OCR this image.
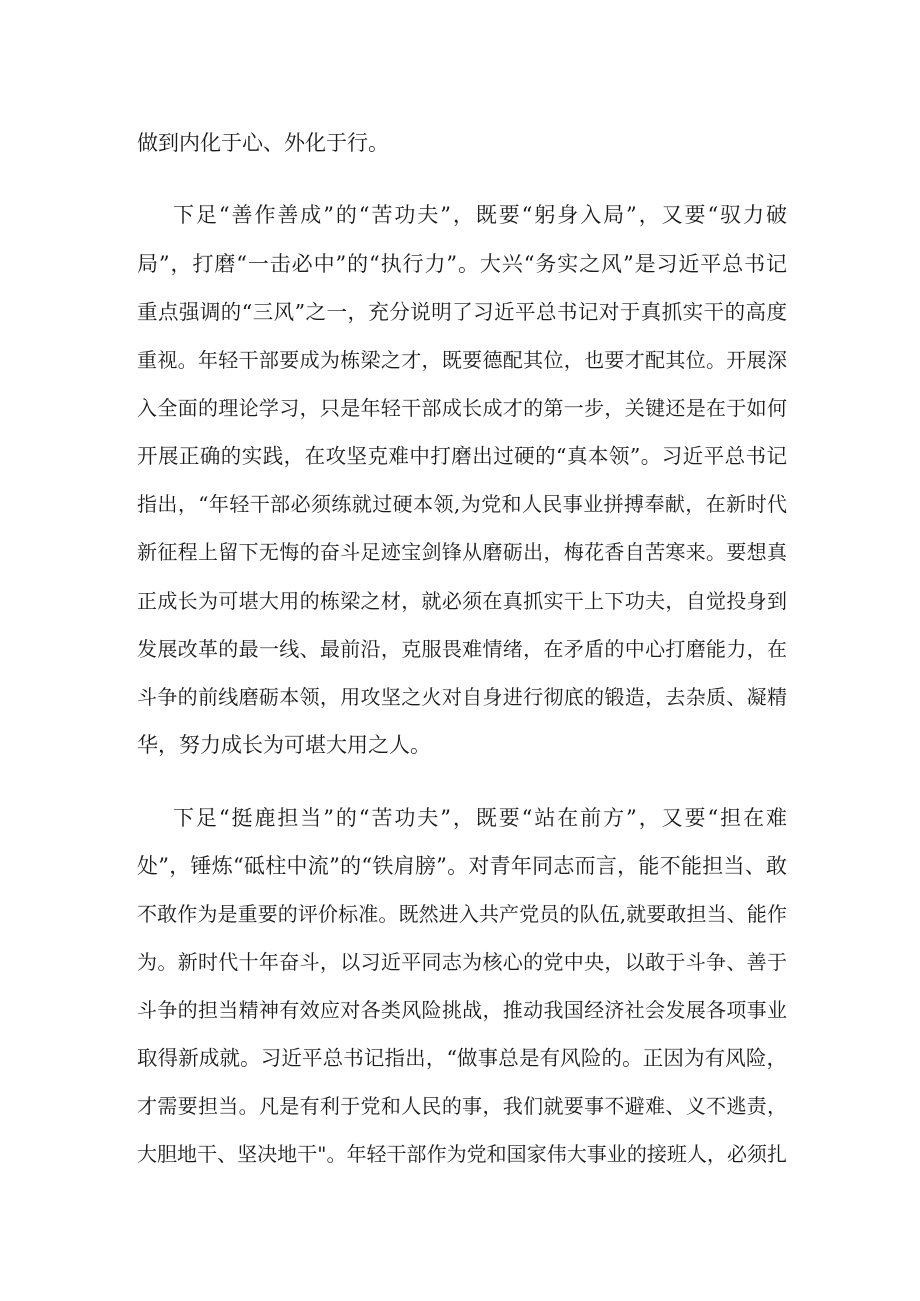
做到内化于心、外化于行。
下足“善作善成”的“苦功夫”，既要“躬身入局”，又要“驭力破
局”，打磨“一击必中”的“执行力”。大兴“务实之风”是习近平总书记
重点强调的“三风”之一，充分说明了习近平总书记对于真抓实干的高度
重视。年轻干部要成为栋梁之才，既要德配其位，也要才配其位。开展深
入全面的理论学习，只是年轻干部成长成才的第一步，关键还是在于如何
开展正确的实践，在攻坚克难中打磨出过硬的“真本领”。习近平总书记
指出，“年轻干部必须练就过硬本领,为党和人民事业拼搏奉献，在新时代
新征程上留下无悔的奋斗足迹宝剑锋从磨砺出，梅花香自苦寒来。要想真
正成长为可堪大用的栋梁之材，就必须在真抓实干上下功夫，自觉投身到
发展改革的最一线、最前沿，克服畏难情绪，在矛盾的中心打磨能力，在
斗争的前线磨砺本领，用攻坚之火对自身进行彻底的锻造，去杂质、凝精
华，努力成长为可堪大用之人。
下足“挺鹿担当”的“苦功夫”，既要“站在前方”，又要“担在难
处”，锤炼“砥柱中流”的“铁肩膀”。对青年同志而言，能不能担当、敢
不敢作为是重要的评价标准。既然进入共产党员的队伍,就要敢担当、能作
为。新时代十年奋斗，以习近平同志为核心的党中央，以敢于斗争、善于
斗争的担当精神有效应对各类风险挑战，推动我国经济社会发展各项事业
取得新成就。习近平总书记指出，“做事总是有风险的。正因为有风险，
才需要担当。凡是有利于党和人民的事，我们就要事不避难、义不逃责，
大胆地干、坚决地干"。年轻干部作为党和国家伟大事业的接班人，必须扎
